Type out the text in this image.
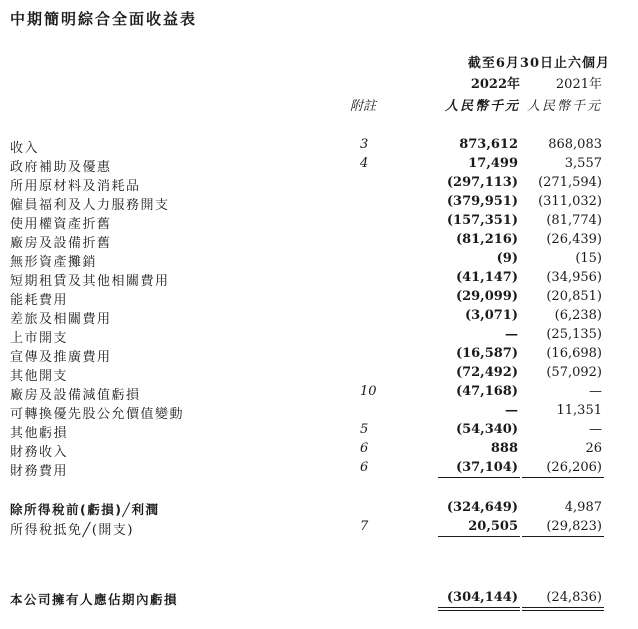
中期簡明綜合全面收益表
截至6月30日止六個月
2022年	2021年
附註	人民幣千元 人民幣千元
收入	3	873,612	868,083
政府補助及優惠	4	17,499	3,557
所用原材料及消耗品	(297,113)	(271,594)
僱員福利及人力服務開支	(379,951)	(311,032)
使用權資產折舊	(157,351)	(81,774)
廠房及設備折舊	(81,216)	(26,439)
無形資產攤銷	(9)	(15)
短期租賃及其他相關費用	(41,147)	(34,956)
能耗費用	(29,099)	(20,851)
差旅及相關費用	(3,071)	(6,238)
上市開支	—	(25,135)
宣傳及推廣費用	(16,587)	(16,698)
其他開支	(72,492)	(57,092)
廠房及設備減值虧損	10	(47,168)	—
可轉換優先股公允價值變動	—	11,351
其他虧損	5	(54,340)	—
財務收入	6	888	26
財務費用	6	(37,104)	(26,206)
除所得稅前(虧損)╱利潤	(324,649)	4,987
所得稅抵免╱(開支)	7	20,505	(29,823)
本公司擁有人應佔期內虧損	(304,144)	(24,836)
